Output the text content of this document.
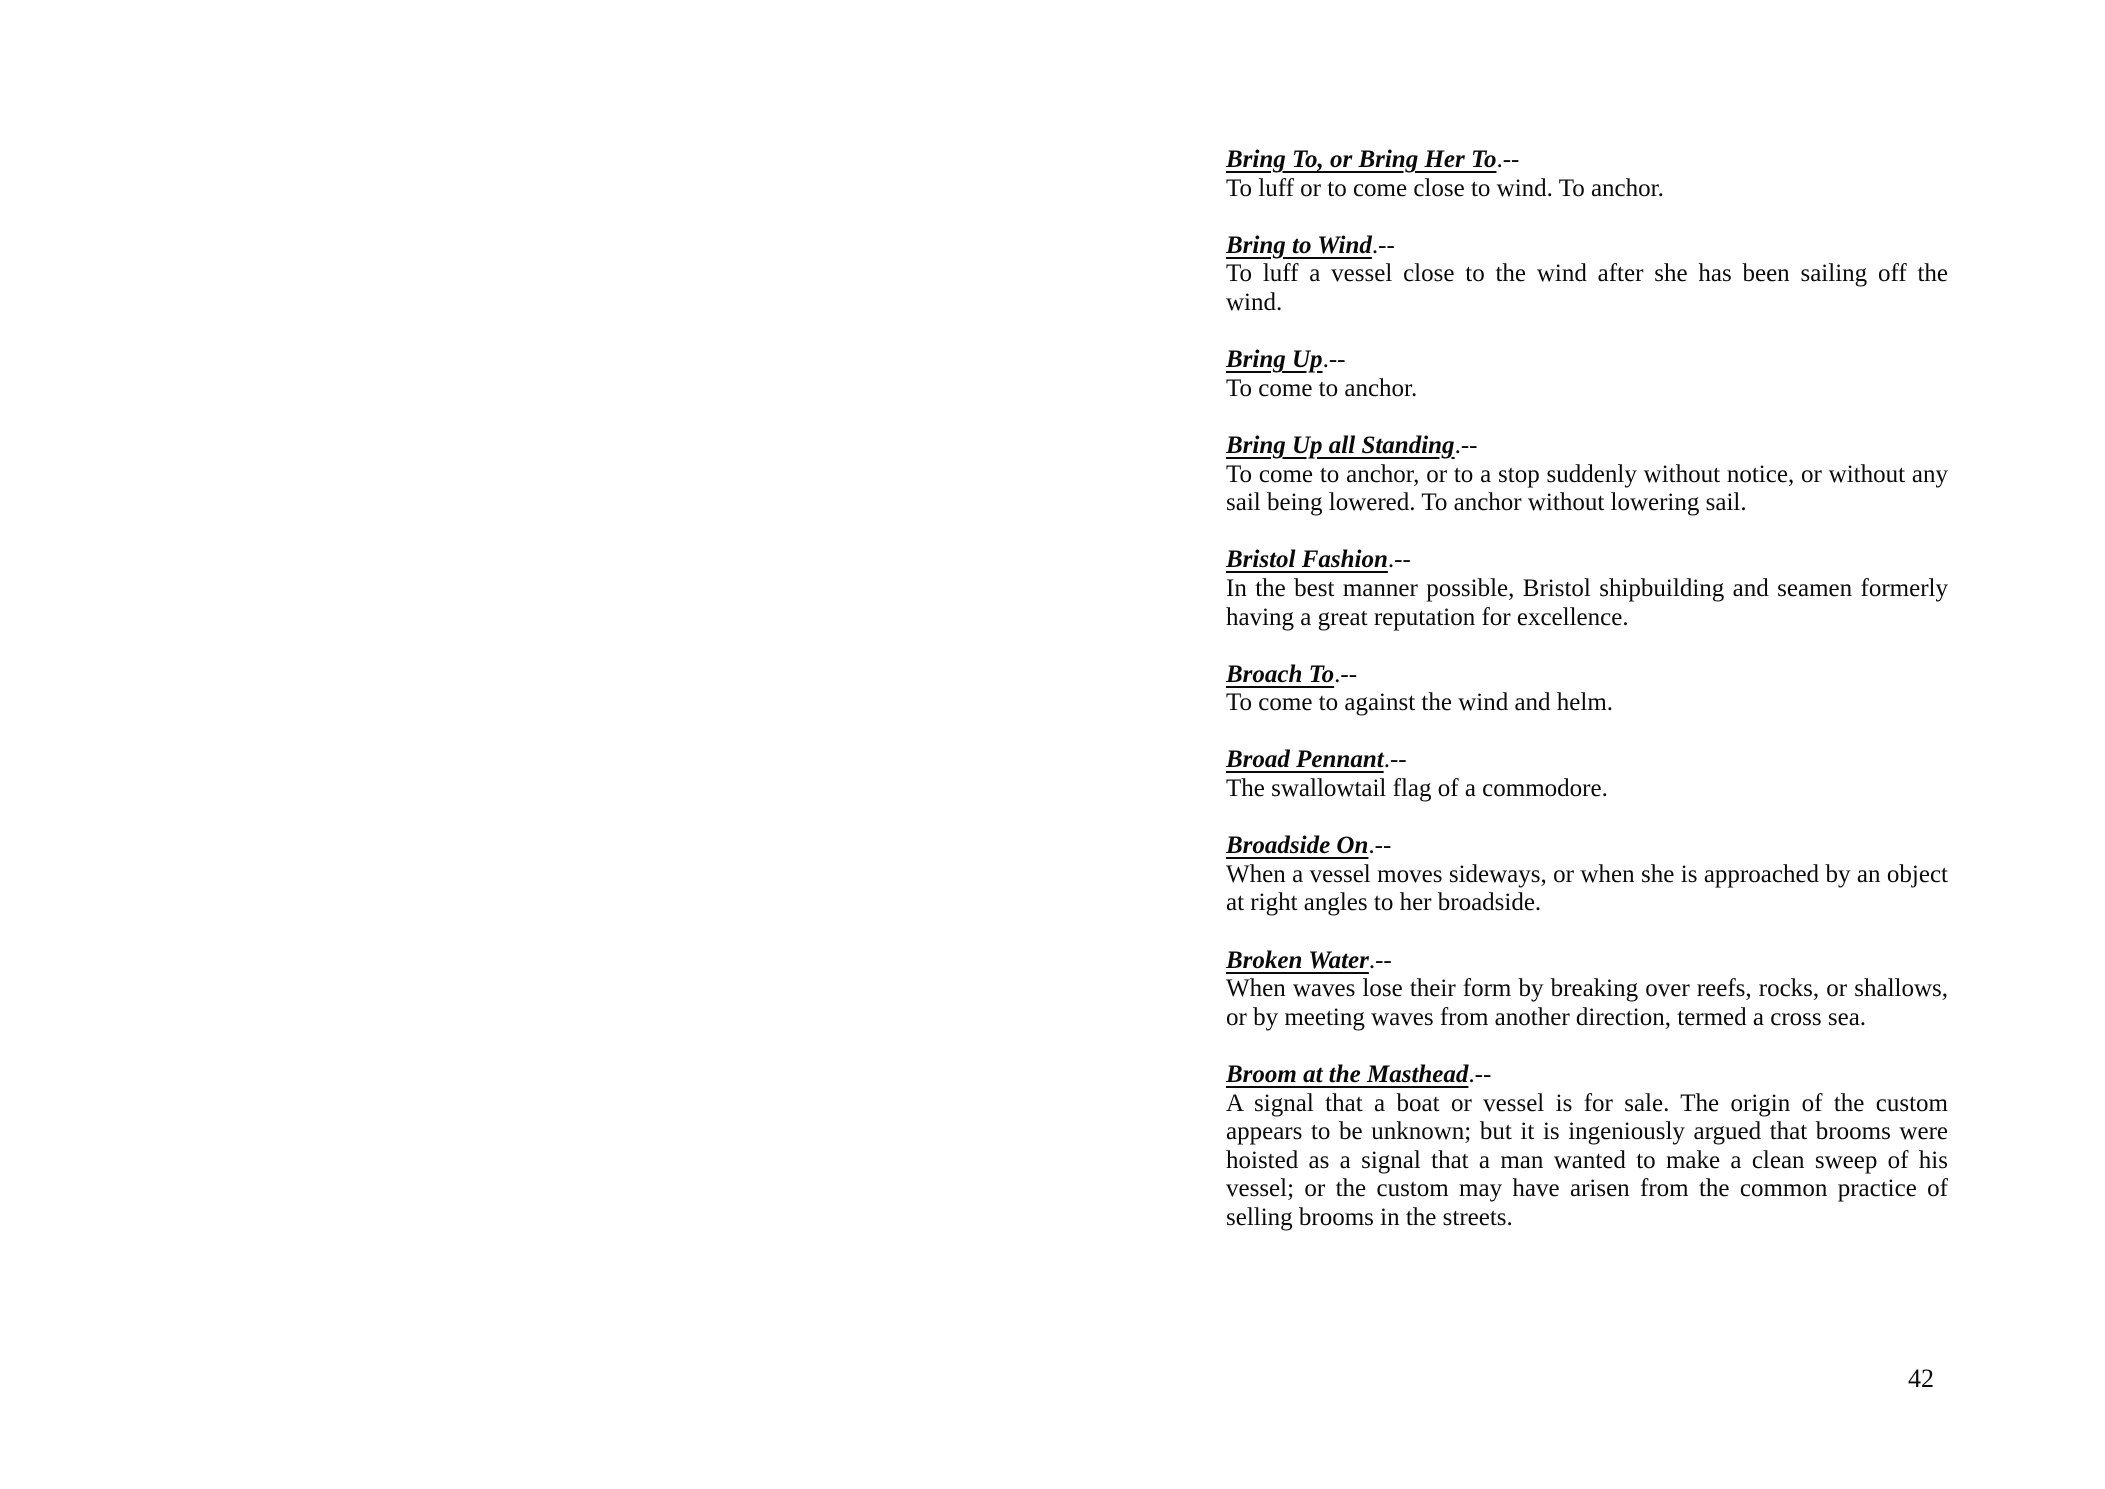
Bring To, or Bring Her To.--
To luff or to come close to wind. To anchor.
Bring to Wind.--
To luff a vessel close to the wind after she has been sailing off the
wind.
Bring Up.--
To come to anchor.
Bring Up all Standing.--
To come to anchor, or to a stop suddenly without notice, or without any
sail being lowered. To anchor without lowering sail.
Bristol Fashion.--
In the best manner possible, Bristol shipbuilding and seamen formerly
having a great reputation for excellence.
Broach To.--
To come to against the wind and helm.
Broad Pennant.--
The swallowtail flag of a commodore.
Broadside On.--
When a vessel moves sideways, or when she is approached by an object
at right angles to her broadside.
Broken Water.--
When waves lose their form by breaking over reefs, rocks, or shallows,
or by meeting waves from another direction, termed a cross sea.
Broom at the Masthead.--
A signal that a boat or vessel is for sale. The origin of the custom
appears to be unknown; but it is ingeniously argued that brooms were
hoisted as a signal that a man wanted to make a clean sweep of his
vessel; or the custom may have arisen from the common practice of
selling brooms in the streets.
42
